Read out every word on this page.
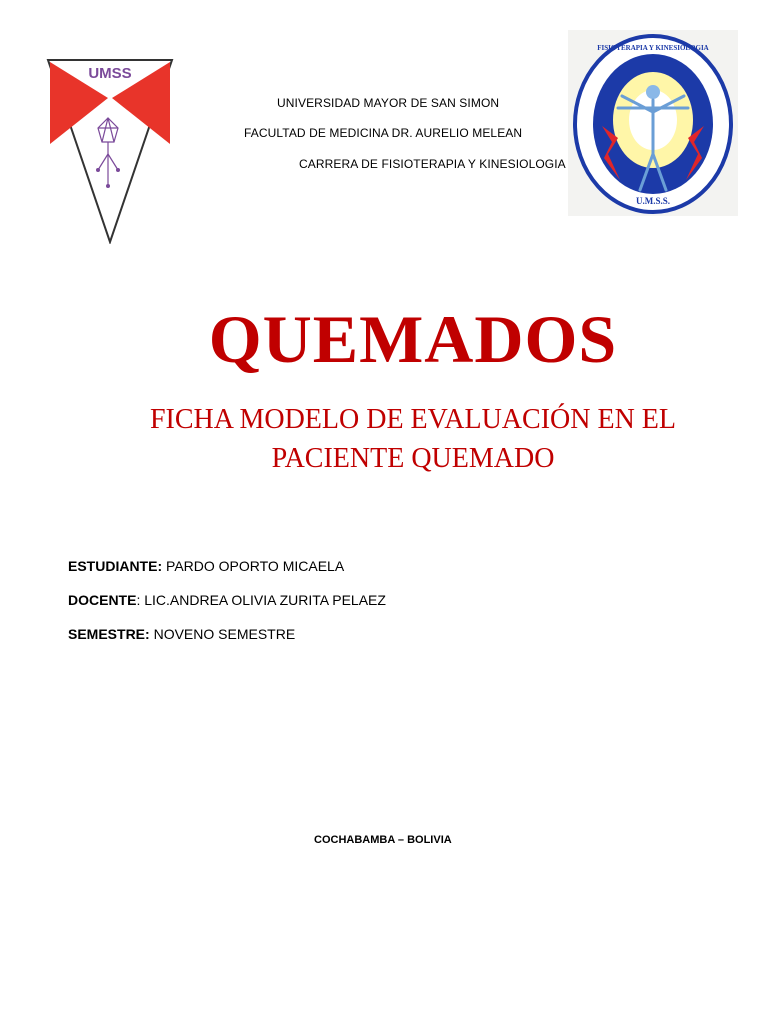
UMSS
FISIOTERAPIA Y KINESIOLOGIA
U.M.S.S.
UNIVERSIDAD MAYOR DE SAN SIMON
FACULTAD DE MEDICINA DR. AURELIO MELEAN
CARRERA DE FISIOTERAPIA Y KINESIOLOGIA
QUEMADOS
FICHA MODELO DE EVALUACIÓN EN EL
PACIENTE QUEMADO
ESTUDIANTE: PARDO OPORTO MICAELA
DOCENTE: LIC.ANDREA OLIVIA ZURITA PELAEZ
SEMESTRE: NOVENO SEMESTRE
COCHABAMBA – BOLIVIA
